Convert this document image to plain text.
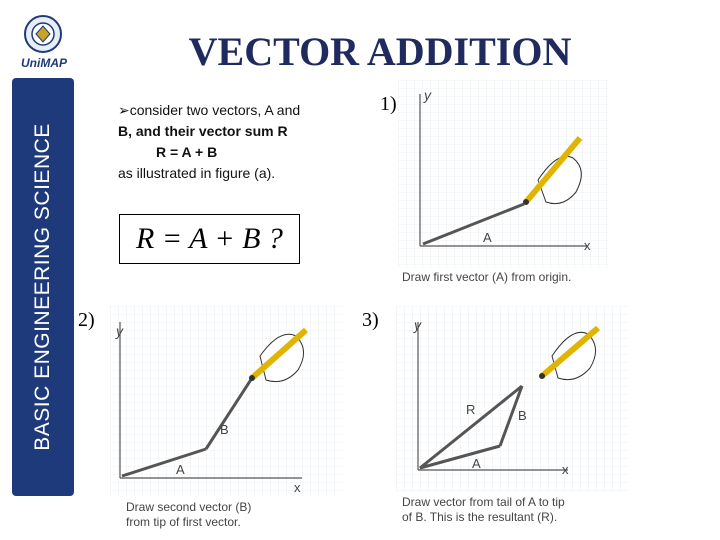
BASIC ENGINEERING SCIENCE
UniMAP	VECTOR ADDITION
➢consider two vectors, A and
B, and their vector sum R

R = A + B
as illustrated in figure (a).
R = A + B ?
1)
2)	3)
y
x
A
Draw first vector (A) from origin.
y
x
A
B
Draw second vector (B)
from tip of first vector.
y
x
A
B
R
Draw vector from tail of A to tip
of B. This is the resultant (R).
